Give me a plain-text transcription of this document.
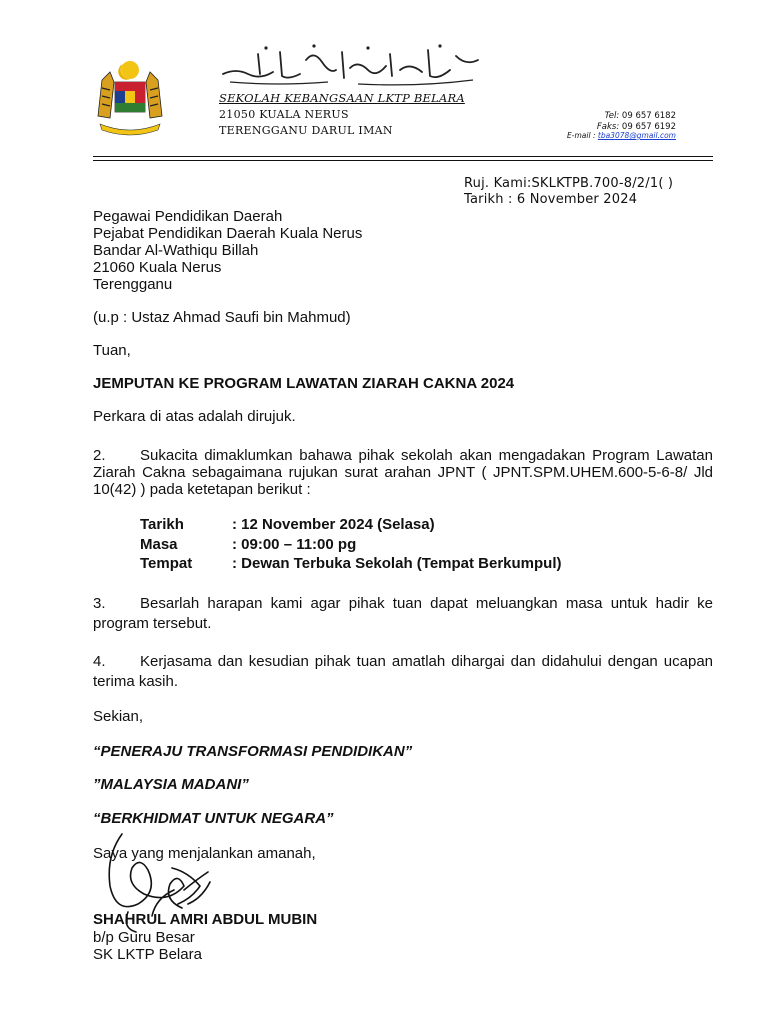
SEKOLAH KEBANGSAAN LKTP BELARA
21050 KUALA NERUS
TERENGGANU DARUL IMAN
Tel: 09 657 6182
Faks: 09 657 6192
E-mail : tba3078@gmail.com
Ruj. Kami:SKLKTPB.700-8/2/1( )
Tarikh : 6 November 2024
Pegawai Pendidikan Daerah
Pejabat Pendidikan Daerah Kuala Nerus
Bandar Al-Wathiqu Billah
21060 Kuala Nerus
Terengganu
(u.p : Ustaz Ahmad Saufi bin Mahmud)
Tuan,
JEMPUTAN KE PROGRAM LAWATAN ZIARAH CAKNA 2024
Perkara di atas adalah dirujuk.
2. Sukacita dimaklumkan bahawa pihak sekolah akan mengadakan Program Lawatan Ziarah Cakna sebagaimana rujukan surat arahan JPNT ( JPNT.SPM.UHEM.600-5-6-8/ Jld 10(42) ) pada ketetapan berikut :
Tarikh	: 12 November 2024 (Selasa)
Masa	: 09:00 – 11:00 pg
Tempat	: Dewan Terbuka Sekolah (Tempat Berkumpul)
3. Besarlah harapan kami agar pihak tuan dapat meluangkan masa untuk hadir ke program tersebut.
4. Kerjasama dan kesudian pihak tuan amatlah dihargai dan didahului dengan ucapan terima kasih.
Sekian,
“PENERAJU TRANSFORMASI PENDIDIKAN”
”MALAYSIA MADANI”
“BERKHIDMAT UNTUK NEGARA”
Saya yang menjalankan amanah,
SHAHRUL AMRI ABDUL MUBIN
b/p Guru Besar
SK LKTP Belara
